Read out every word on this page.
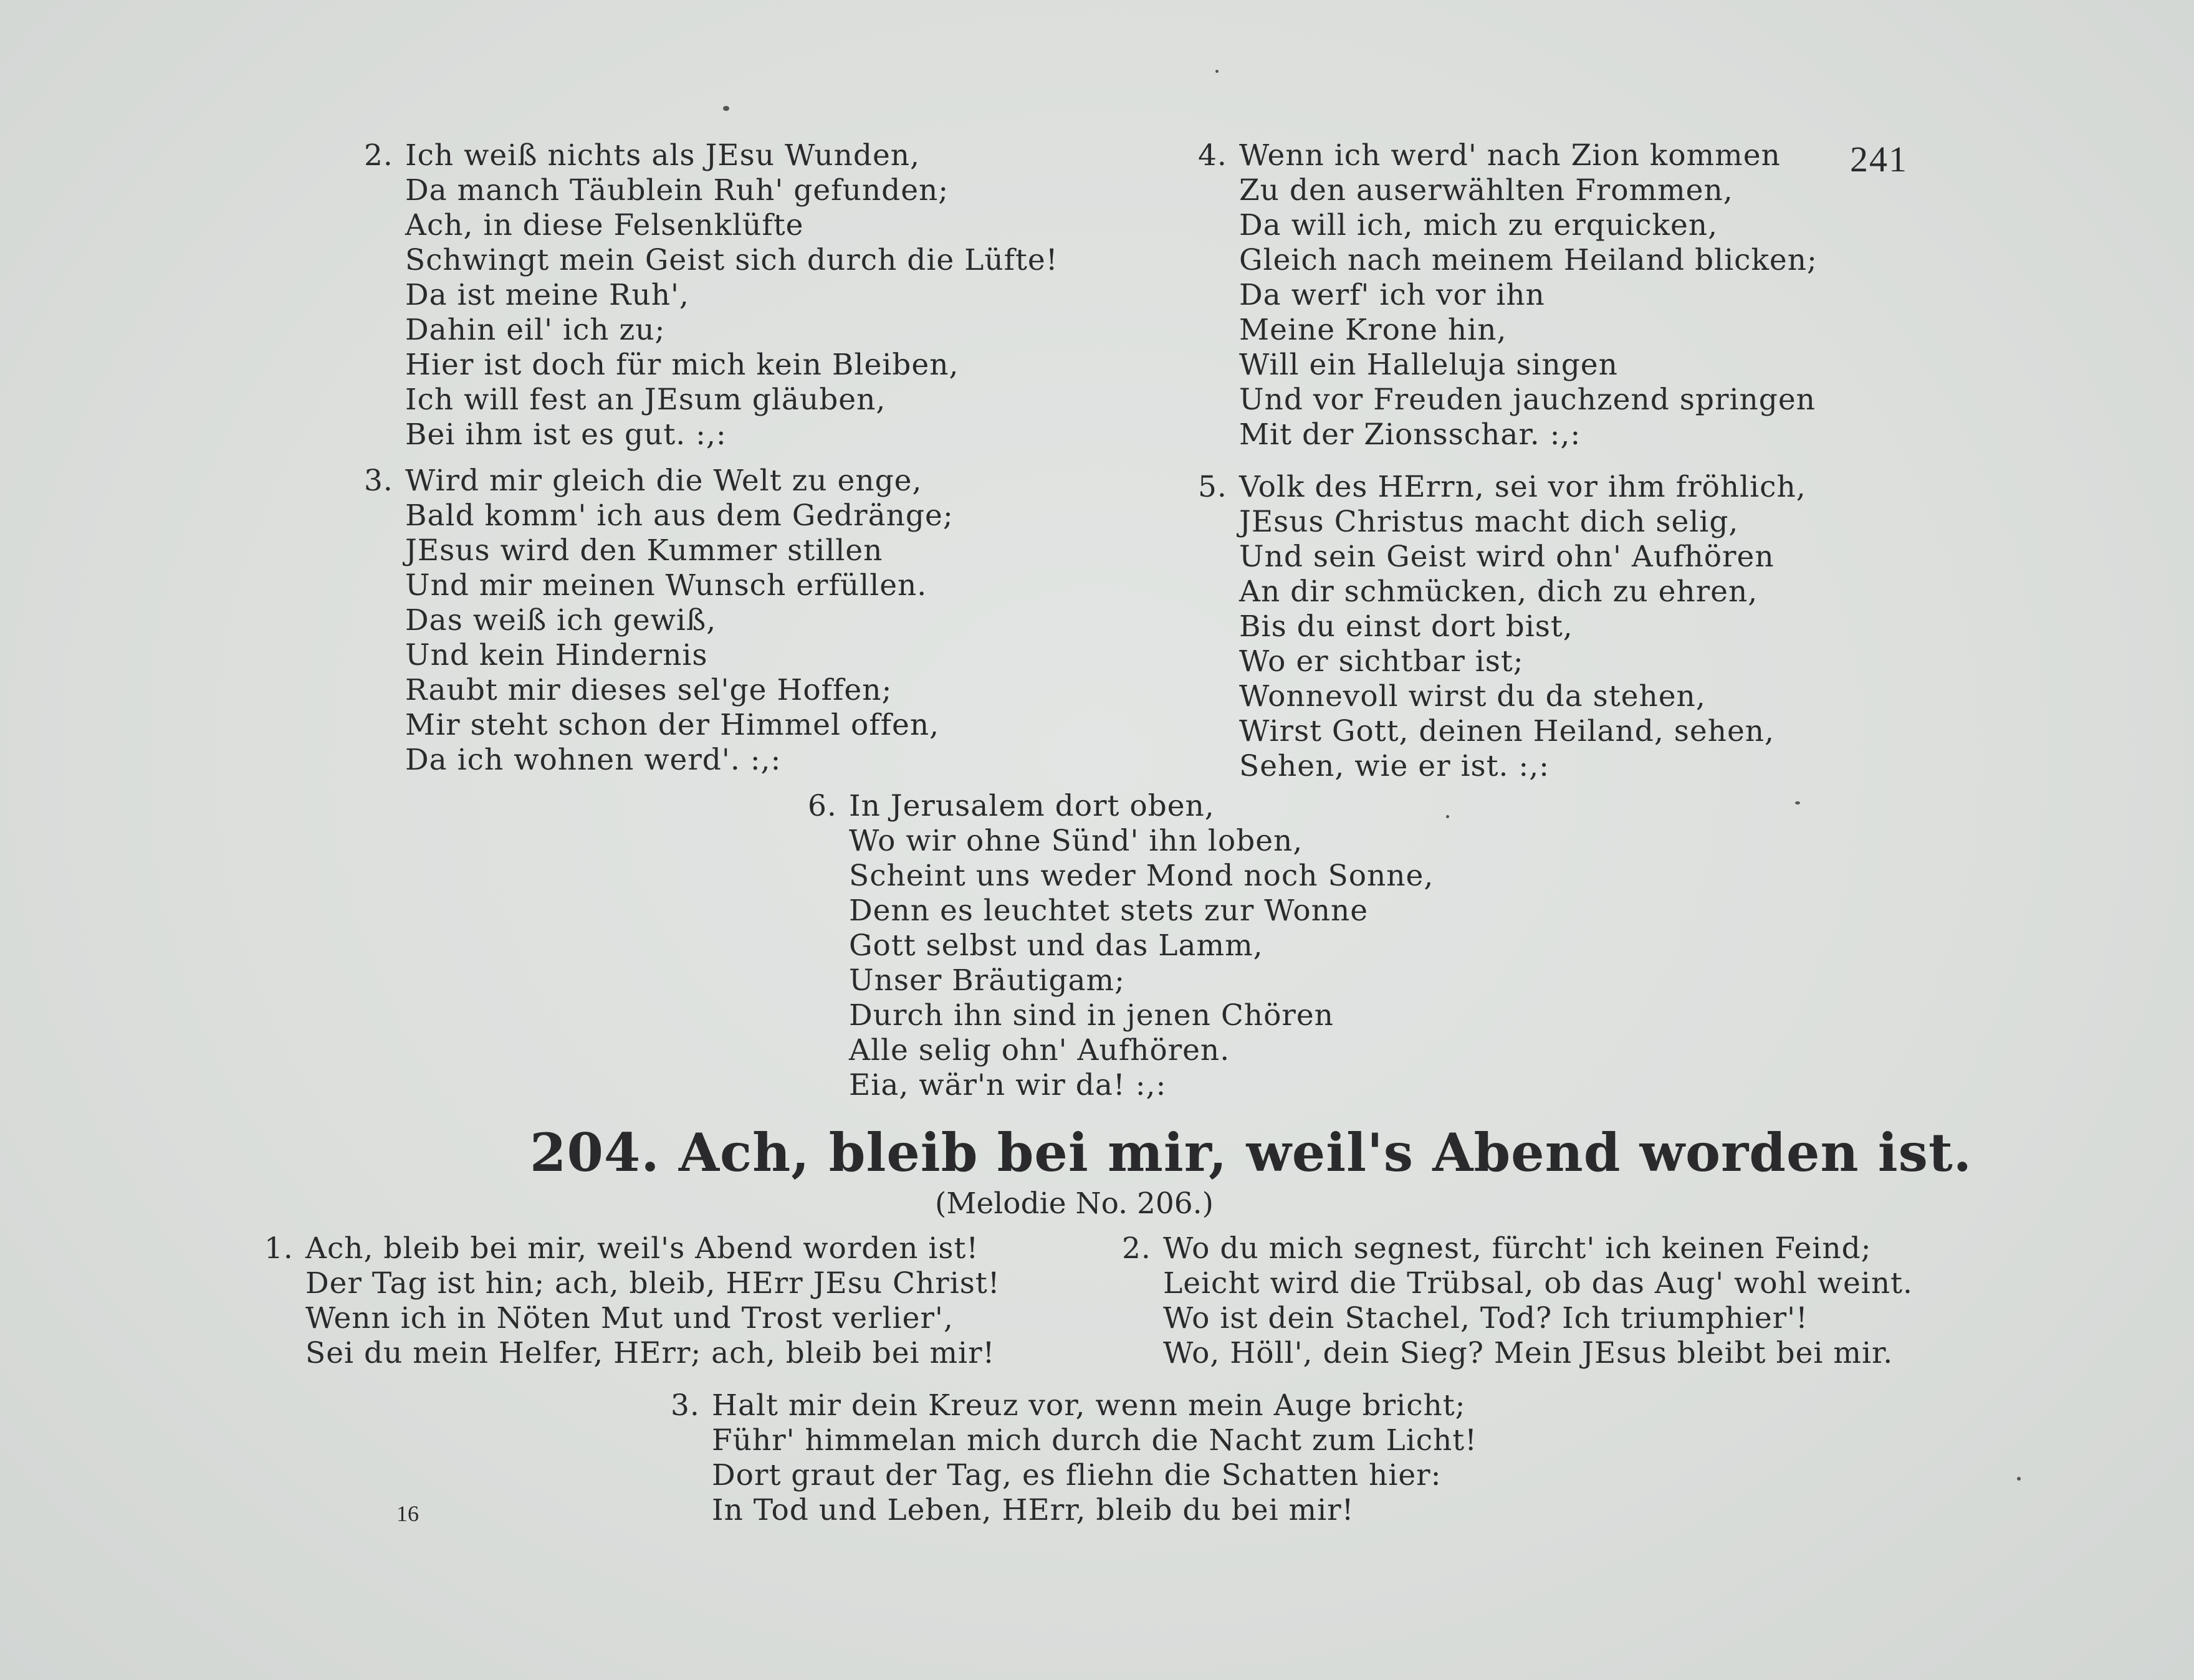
241
2. Ich weiß nichts als JEsu Wunden,
Da manch Täublein Ruh' gefunden;
Ach, in diese Felsenklüfte
Schwingt mein Geist sich durch die Lüfte!
Da ist meine Ruh',
Dahin eil' ich zu;
Hier ist doch für mich kein Bleiben,
Ich will fest an JEsum gläuben,
Bei ihm ist es gut. :,:
3. Wird mir gleich die Welt zu enge,
Bald komm' ich aus dem Gedränge;
JEsus wird den Kummer stillen
Und mir meinen Wunsch erfüllen.
Das weiß ich gewiß,
Und kein Hindernis
Raubt mir dieses sel'ge Hoffen;
Mir steht schon der Himmel offen,
Da ich wohnen werd'. :,:
4. Wenn ich werd' nach Zion kommen
Zu den auserwählten Frommen,
Da will ich, mich zu erquicken,
Gleich nach meinem Heiland blicken;
Da werf' ich vor ihn
Meine Krone hin,
Will ein Halleluja singen
Und vor Freuden jauchzend springen
Mit der Zionsschar. :,:
5. Volk des HErrn, sei vor ihm fröhlich,
JEsus Christus macht dich selig,
Und sein Geist wird ohn' Aufhören
An dir schmücken, dich zu ehren,
Bis du einst dort bist,
Wo er sichtbar ist;
Wonnevoll wirst du da stehen,
Wirst Gott, deinen Heiland, sehen,
Sehen, wie er ist. :,:
6. In Jerusalem dort oben,
Wo wir ohne Sünd' ihn loben,
Scheint uns weder Mond noch Sonne,
Denn es leuchtet stets zur Wonne
Gott selbst und das Lamm,
Unser Bräutigam;
Durch ihn sind in jenen Chören
Alle selig ohn' Aufhören.
Eia, wär'n wir da! :,:
204. Ach, bleib bei mir, weil's Abend worden ist.
(Melodie No. 206.)
1. Ach, bleib bei mir, weil's Abend worden ist!
Der Tag ist hin; ach, bleib, HErr JEsu Christ!
Wenn ich in Nöten Mut und Trost verlier',
Sei du mein Helfer, HErr; ach, bleib bei mir!
2. Wo du mich segnest, fürcht' ich keinen Feind;
Leicht wird die Trübsal, ob das Aug' wohl weint.
Wo ist dein Stachel, Tod? Ich triumphier'!
Wo, Höll', dein Sieg? Mein JEsus bleibt bei mir.
3. Halt mir dein Kreuz vor, wenn mein Auge bricht;
Führ' himmelan mich durch die Nacht zum Licht!
Dort graut der Tag, es fliehn die Schatten hier:
In Tod und Leben, HErr, bleib du bei mir!
16
